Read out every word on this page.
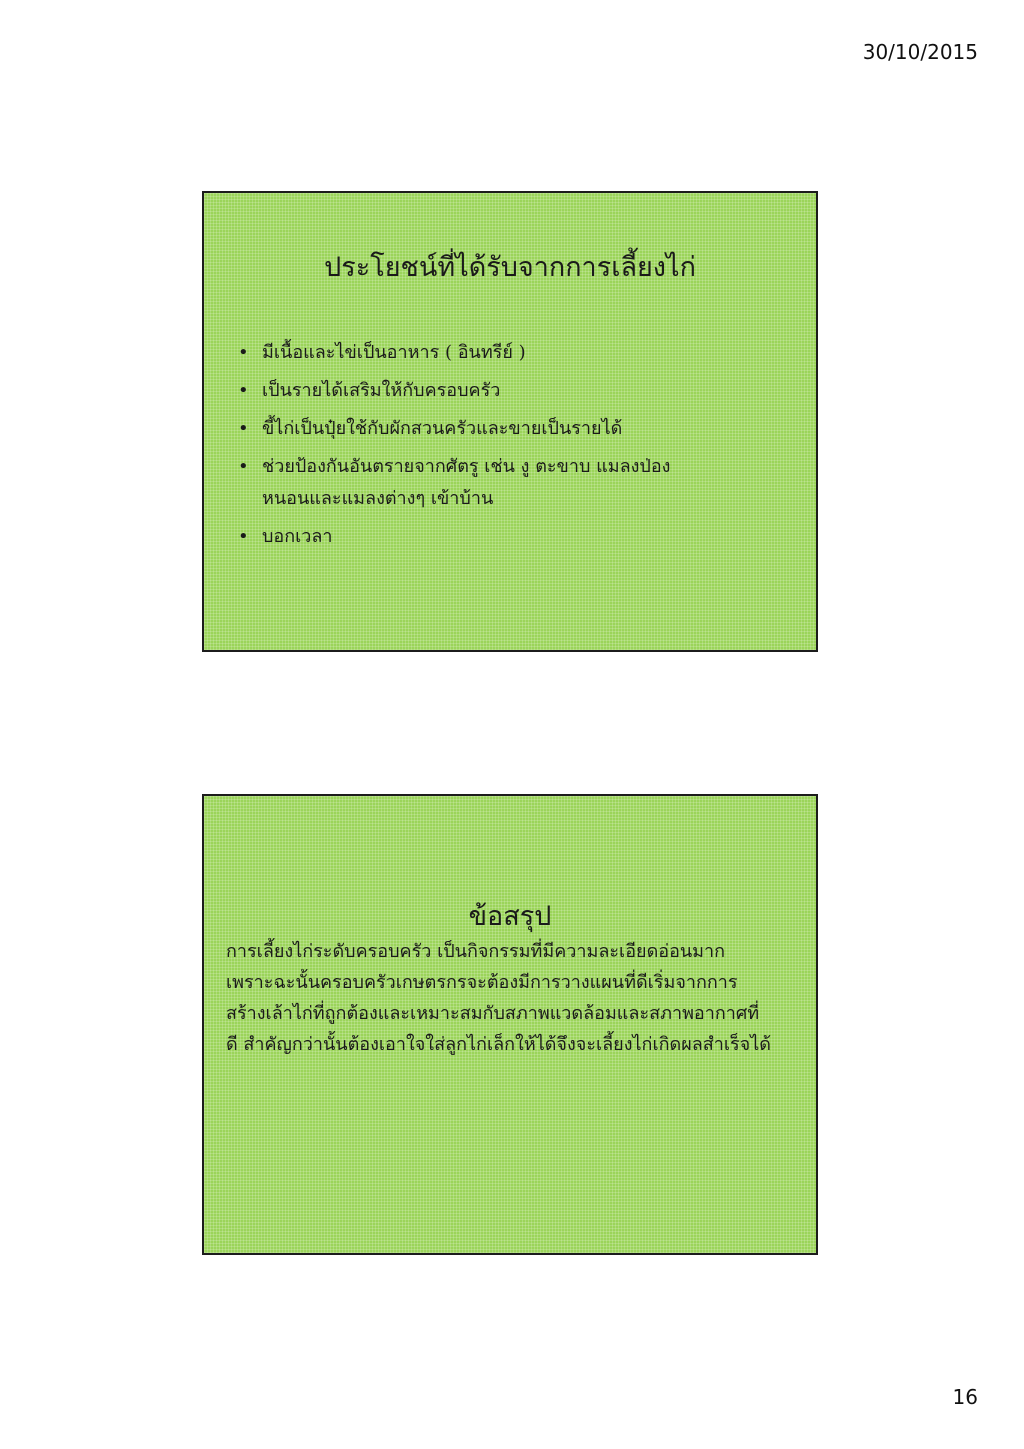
30/10/2015
ประโยชน์ที่ได้รับจากการเลี้ยงไก่
• มีเนื้อและไข่เป็นอาหาร ( อินทรีย์ )
• เป็นรายได้เสริมให้กับครอบครัว
• ขี้ไก่เป็นปุ๋ยใช้กับผักสวนครัวและขายเป็นรายได้
• ช่วยป้องกันอันตรายจากศัตรู เช่น งู ตะขาบ แมลงป่อง
หนอนและแมลงต่างๆ เข้าบ้าน
• บอกเวลา
ข้อสรุป

การเลี้ยงไก่ระดับครอบครัว เป็นกิจกรรมที่มีความละเอียดอ่อนมาก
เพราะฉะนั้นครอบครัวเกษตรกรจะต้องมีการวางแผนที่ดีเริ่มจากการ
สร้างเล้าไก่ที่ถูกต้องและเหมาะสมกับสภาพแวดล้อมและสภาพอากาศที่
ดี สำคัญกว่านั้นต้องเอาใจใส่ลูกไก่เล็กให้ได้จึงจะเลี้ยงไก่เกิดผลสำเร็จได้

16
